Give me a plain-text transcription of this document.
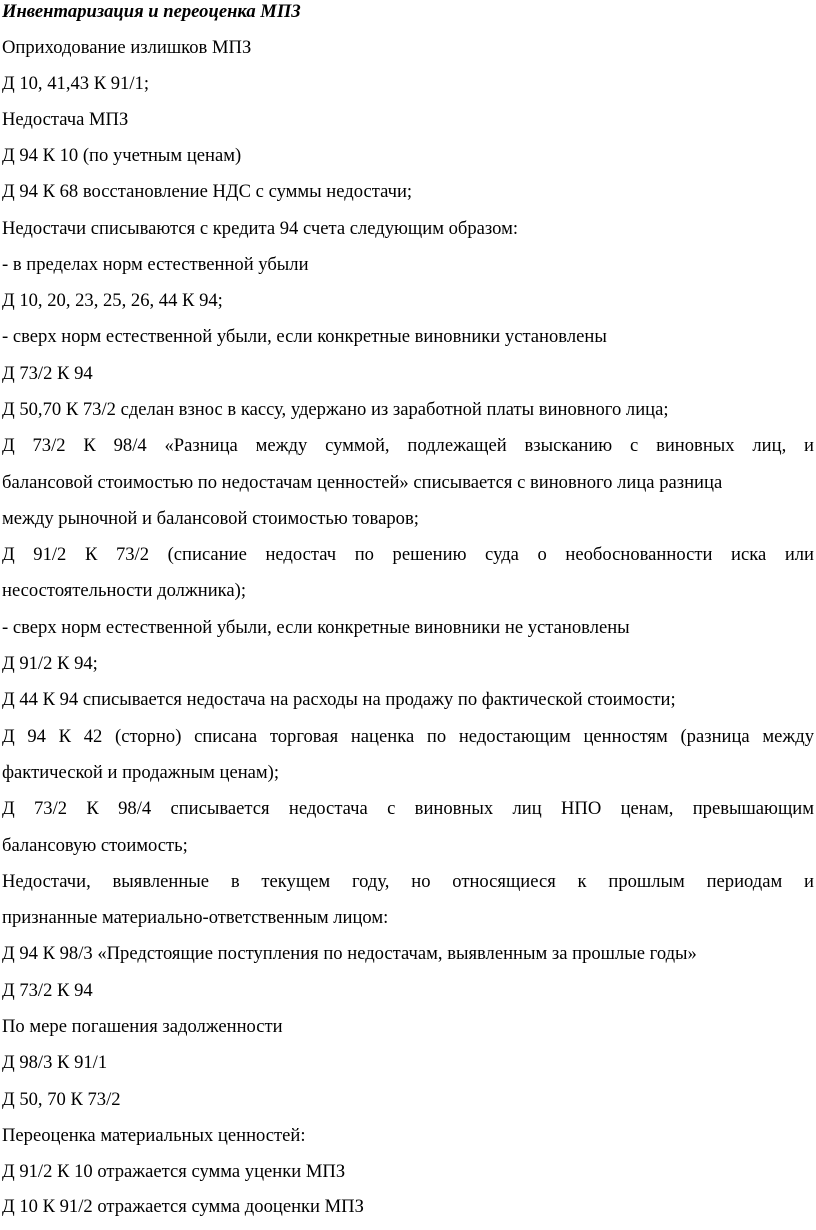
Инвентаризация и переоценка МПЗ
Оприходование излишков МПЗ
Д 10, 41,43 К 91/1;
Недостача МПЗ
Д 94 К 10 (по учетным ценам)
Д 94 К 68 восстановление НДС с суммы недостачи;
Недостачи списываются с кредита 94 счета следующим образом:
- в пределах норм естественной убыли
Д 10, 20, 23, 25, 26, 44 К 94;
- сверх норм естественной убыли, если конкретные виновники установлены
Д 73/2 К 94
Д 50,70 К 73/2 сделан взнос в кассу, удержано из заработной платы виновного лица;
Д 73/2 К 98/4 «Разница между суммой, подлежащей взысканию с виновных лиц, и
балансовой стоимостью по недостачам ценностей» списывается с виновного лица разница
между рыночной и балансовой стоимостью товаров;
Д 91/2 К 73/2 (списание недостач по решению суда о необоснованности иска или
несостоятельности должника);
- сверх норм естественной убыли, если конкретные виновники не установлены
Д 91/2 К 94;
Д 44 К 94 списывается недостача на расходы на продажу по фактической стоимости;
Д 94 К 42 (сторно) списана торговая наценка по недостающим ценностям (разница между
фактической и продажным ценам);
Д 73/2 К 98/4 списывается недостача с виновных лиц НПО ценам, превышающим
балансовую стоимость;
Недостачи, выявленные в текущем году, но относящиеся к прошлым периодам и
признанные материально-ответственным лицом:
Д 94 К 98/3 «Предстоящие поступления по недостачам, выявленным за прошлые годы»
Д 73/2 К 94
По мере погашения задолженности
Д 98/3 К 91/1
Д 50, 70 К 73/2
Переоценка материальных ценностей:
Д 91/2 К 10 отражается сумма уценки МПЗ
Д 10 К 91/2 отражается сумма дооценки МПЗ
